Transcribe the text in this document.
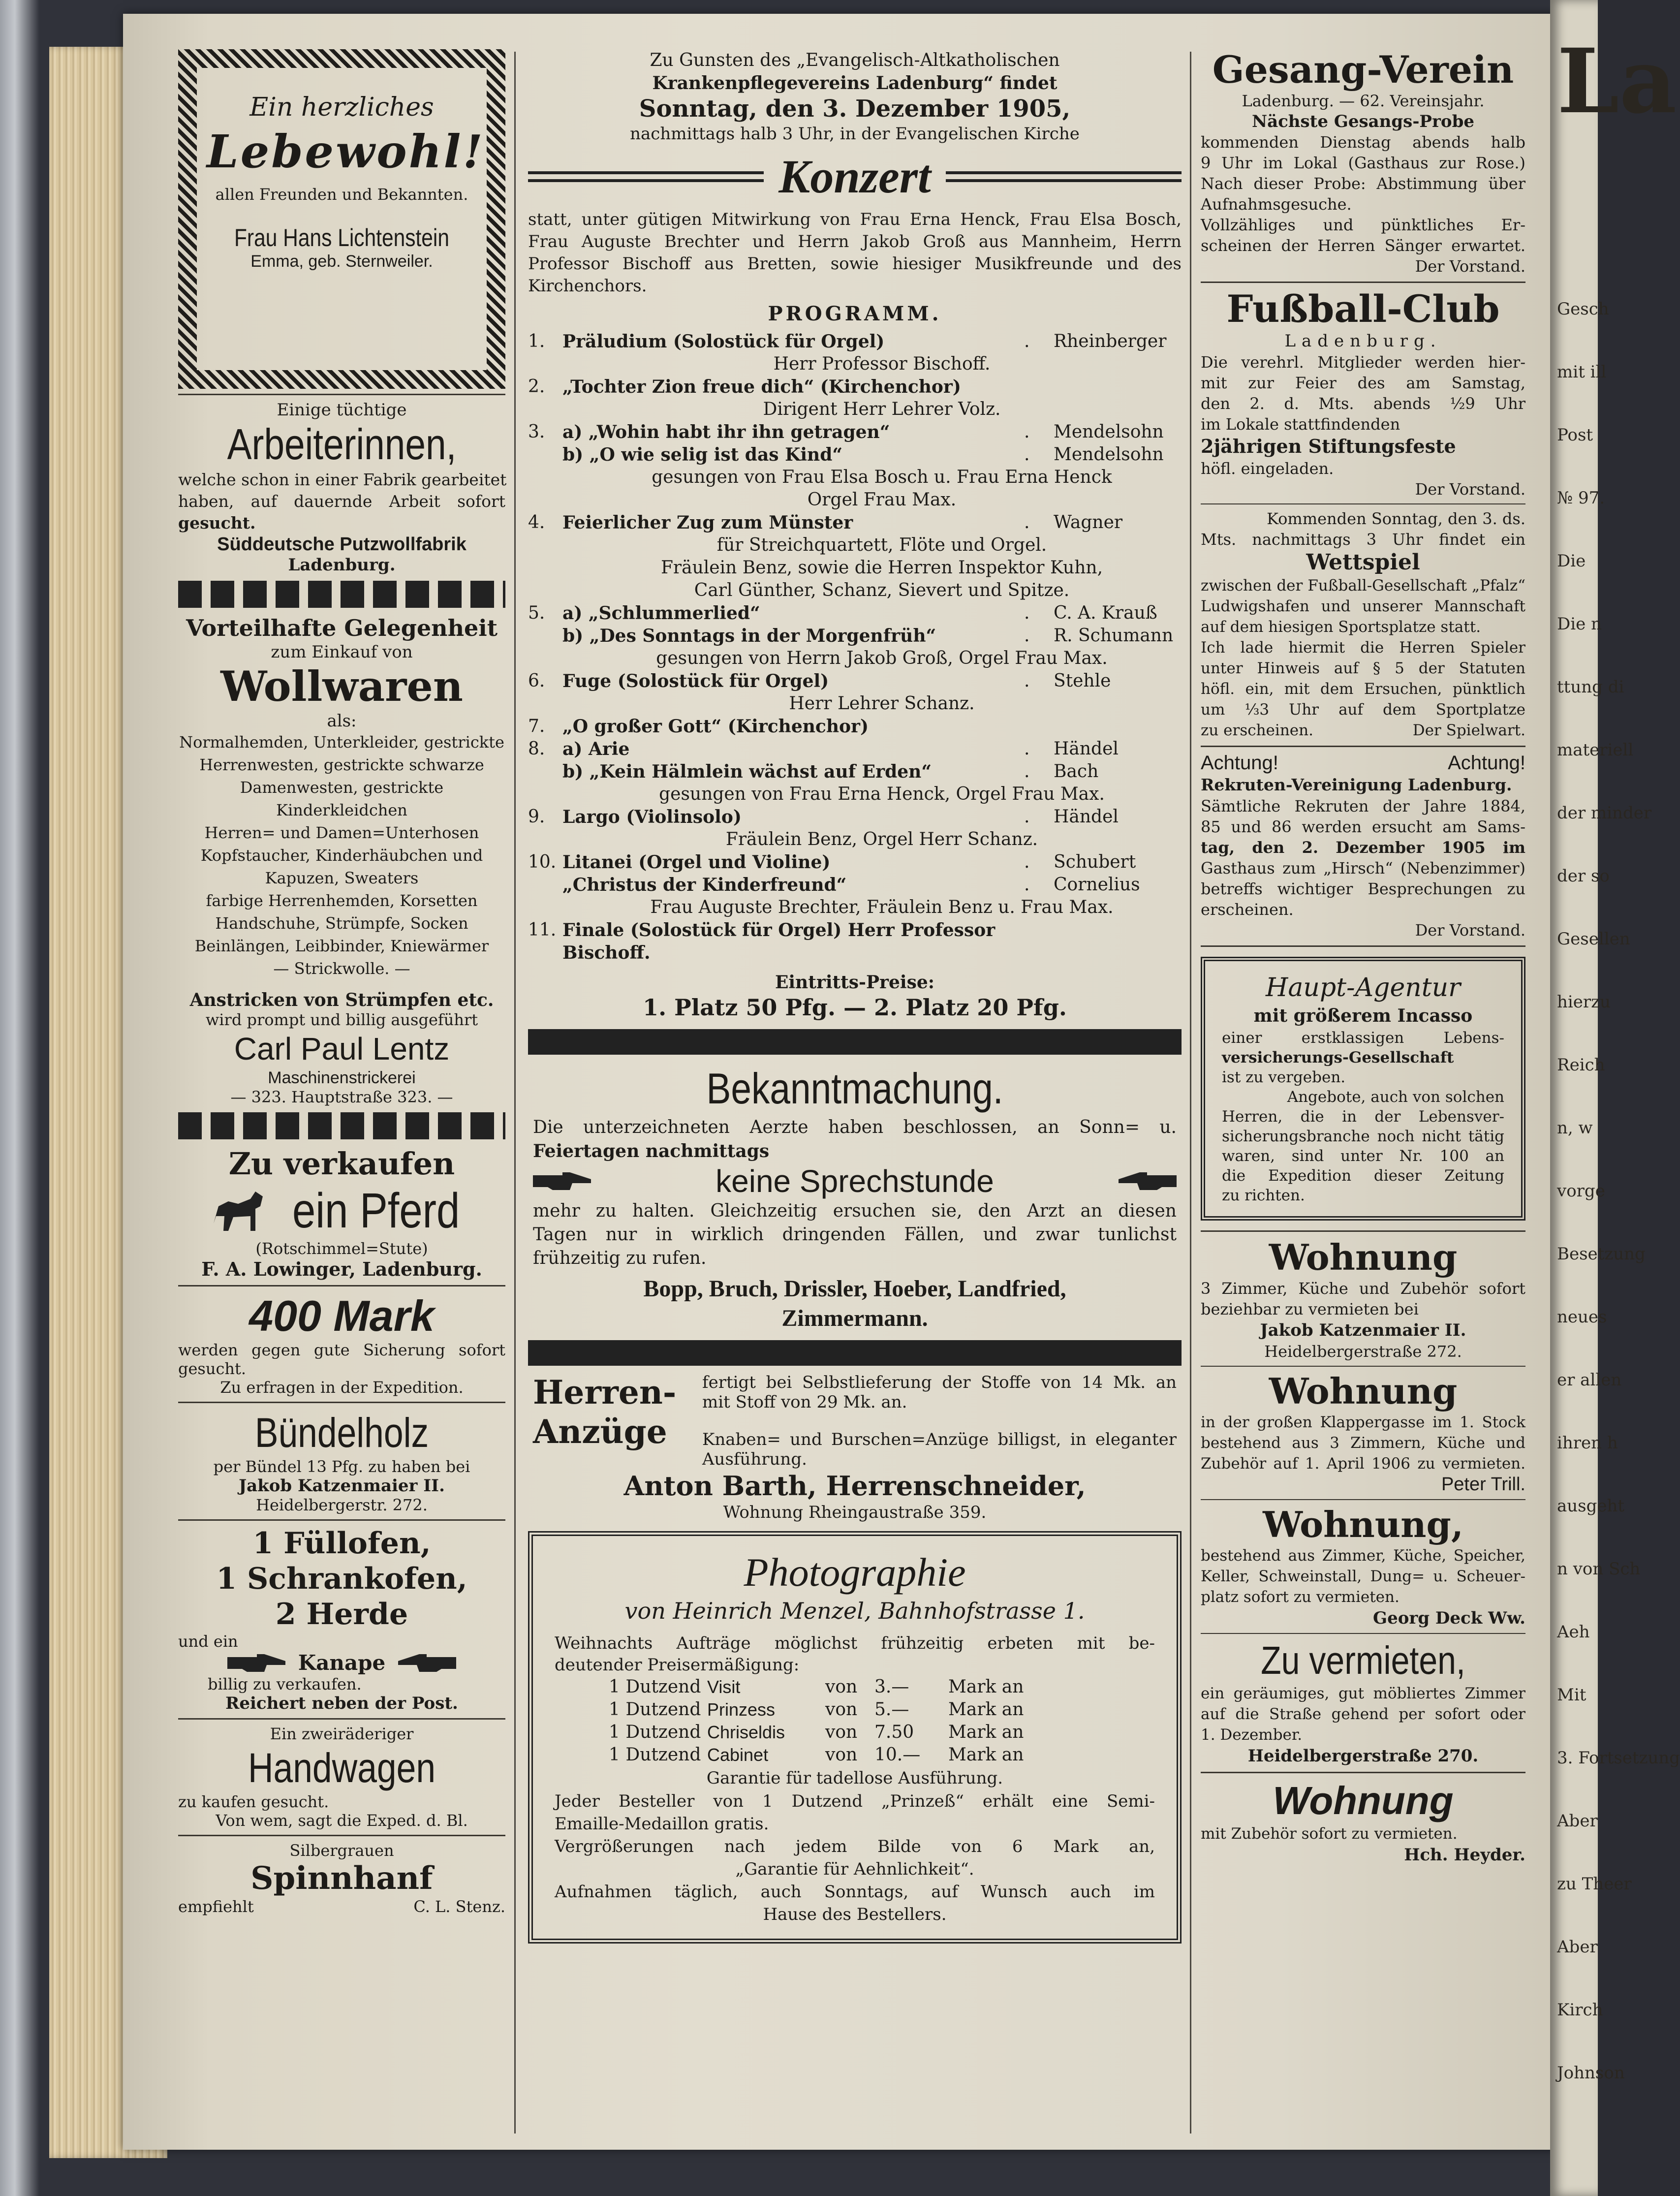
Ein herzliches
Lebewohl!
allen Freunden und Bekannten.
Frau Hans Lichtenstein
Emma, geb. Sternweiler.
Einige tüchtige
Arbeiterinnen,
welche schon in einer Fabrik gearbeitet
haben, auf dauernde Arbeit sofort
gesucht.
Süddeutsche Putzwollfabrik
Ladenburg.
Vorteilhafte Gelegenheit
zum Einkauf von
Wollwaren
als:
Normalhemden, Unterkleider, gestrickte
Herrenwesten, gestrickte schwarze
Damenwesten, gestrickte Kinderkleidchen
Herren= und Damen=Unterhosen
Kopfstaucher, Kinderhäubchen und
Kapuzen, Sweaters
farbige Herrenhemden, Korsetten
Handschuhe, Strümpfe, Socken
Beinlängen, Leibbinder, Kniewärmer
— Strickwolle. —
Anstricken von Strümpfen etc.
wird prompt und billig ausgeführt
Carl Paul Lentz
Maschinenstrickerei
— 323. Hauptstraße 323. —
Zu verkaufen
ein Pferd
(Rotschimmel=Stute)
F. A. Lowinger, Ladenburg.
400 Mark
werden gegen gute Sicherung sofort
gesucht.
Zu erfragen in der Expedition.
Bündelholz
per Bündel 13 Pfg. zu haben bei
Jakob Katzenmaier II.
Heidelbergerstr. 272.
1 Füllofen,
1 Schrankofen,
2 Herde
und ein
Kanape
billig zu verkaufen.
Reichert neben der Post.
Ein zweiräderiger
Handwagen
zu kaufen gesucht.
Von wem, sagt die Exped. d. Bl.
Silbergrauen
Spinnhanf
empfiehlt	C. L. Stenz.
Zu Gunsten des „Evangelisch-Altkatholischen
Krankenpflegevereins Ladenburg“ findet
Sonntag, den 3. Dezember 1905,
nachmittags halb 3 Uhr, in der Evangelischen Kirche
Konzert
statt, unter gütigen Mitwirkung von Frau Erna Henck, Frau Elsa Bosch,
Frau Auguste Brechter und Herrn Jakob Groß aus Mannheim, Herrn
Professor Bischoff aus Bretten, sowie hiesiger Musikfreunde und des
Kirchenchors.
PROGRAMM.
1. Präludium (Solostück für Orgel)	.	Rheinberger
Herr Professor Bischoff.
2. „Tochter Zion freue dich“ (Kirchenchor)
Dirigent Herr Lehrer Volz.
3. a) „Wohin habt ihr ihn getragen“	.	Mendelsohn
b) „O wie selig ist das Kind“	.	Mendelsohn
gesungen von Frau Elsa Bosch u. Frau Erna Henck
Orgel Frau Max.
4. Feierlicher Zug zum Münster	.	Wagner
für Streichquartett, Flöte und Orgel.
Fräulein Benz, sowie die Herren Inspektor Kuhn,
Carl Günther, Schanz, Sievert und Spitze.
5. a) „Schlummerlied“	.	C. A. Krauß
b) „Des Sonntags in der Morgenfrüh“	.	R. Schumann
gesungen von Herrn Jakob Groß, Orgel Frau Max.
6. Fuge (Solostück für Orgel)	.	Stehle
Herr Lehrer Schanz.
7. „O großer Gott“ (Kirchenchor)
8. a) Arie	.	Händel
b) „Kein Hälmlein wächst auf Erden“	.	Bach
gesungen von Frau Erna Henck, Orgel Frau Max.
9. Largo (Violinsolo)	.	Händel
Fräulein Benz, Orgel Herr Schanz.
10. Litanei (Orgel und Violine)	.	Schubert
„Christus der Kinderfreund“	.	Cornelius
Frau Auguste Brechter, Fräulein Benz u. Frau Max.
11. Finale (Solostück für Orgel) Herr Professor Bischoff.
Eintritts-Preise:
1. Platz 50 Pfg. — 2. Platz 20 Pfg.
Bekanntmachung.
Die unterzeichneten Aerzte haben beschlossen, an Sonn= u.
Feiertagen nachmittags
keine Sprechstunde
mehr zu halten. Gleichzeitig ersuchen sie, den Arzt an diesen
Tagen nur in wirklich dringenden Fällen, und zwar tunlichst
frühzeitig zu rufen.
Bopp, Bruch, Drissler, Hoeber, Landfried,
Zimmermann.
Herren-
Anzüge
fertigt bei Selbstlieferung der Stoffe von 14 Mk. an
mit Stoff von 29 Mk. an.
Knaben= und Burschen=Anzüge billigst, in eleganter
Ausführung.
Anton Barth, Herrenschneider,
Wohnung Rheingaustraße 359.
Photographie
von Heinrich Menzel, Bahnhofstrasse 1.
Weihnachts Aufträge möglichst frühzeitig erbeten mit be-
deutender Preisermäßigung:
1 Dutzend Visit	von 3.—	Mark an
1 Dutzend Prinzess	von 5.—	Mark an
1 Dutzend Chriseldis	von 7.50	Mark an
1 Dutzend Cabinet	von 10.—	Mark an
Garantie für tadellose Ausführung.
Jeder Besteller von 1 Dutzend „Prinzeß“ erhält eine Semi-
Emaille-Medaillon gratis.
Vergrößerungen nach jedem Bilde von 6 Mark an,
„Garantie für Aehnlichkeit“.
Aufnahmen täglich, auch Sonntags, auf Wunsch auch im
Hause des Bestellers.
Gesang-Verein
Ladenburg. — 62. Vereinsjahr.
Nächste Gesangs-Probe
kommenden Dienstag abends halb
9 Uhr im Lokal (Gasthaus zur Rose.)
Nach dieser Probe: Abstimmung über
Aufnahmsgesuche.
Vollzähliges und pünktliches Er-
scheinen der Herren Sänger erwartet.
Der Vorstand.
Fußball-Club
Ladenburg.
Die verehrl. Mitglieder werden hier-
mit zur Feier des am Samstag,
den 2. d. Mts. abends ½9 Uhr
im Lokale stattfindenden
2jährigen Stiftungsfeste
höfl. eingeladen.
Der Vorstand.
Kommenden Sonntag, den 3. ds.
Mts. nachmittags 3 Uhr findet ein
Wettspiel
zwischen der Fußball-Gesellschaft „Pfalz“
Ludwigshafen und unserer Mannschaft
auf dem hiesigen Sportsplatze statt.
Ich lade hiermit die Herren Spieler
unter Hinweis auf § 5 der Statuten
höfl. ein, mit dem Ersuchen, pünktlich
um ⅓3 Uhr auf dem Sportplatze
zu erscheinen.	Der Spielwart.
Achtung!	Achtung!
Rekruten-Vereinigung Ladenburg.
Sämtliche Rekruten der Jahre 1884,
85 und 86 werden ersucht am Sams-
tag, den 2. Dezember 1905 im
Gasthaus zum „Hirsch“ (Nebenzimmer)
betreffs wichtiger Besprechungen zu
erscheinen.
Der Vorstand.
Haupt-Agentur
mit größerem Incasso
einer erstklassigen Lebens-
versicherungs-Gesellschaft
ist zu vergeben.
Angebote, auch von solchen
Herren, die in der Lebensver-
sicherungsbranche noch nicht tätig
waren, sind unter Nr. 100 an
die Expedition dieser Zeitung
zu richten.
Wohnung
3 Zimmer, Küche und Zubehör sofort
beziehbar zu vermieten bei
Jakob Katzenmaier II.
Heidelbergerstraße 272.
Wohnung
in der großen Klappergasse im 1. Stock
bestehend aus 3 Zimmern, Küche und
Zubehör auf 1. April 1906 zu vermieten.
Peter Trill.
Wohnung,
bestehend aus Zimmer, Küche, Speicher,
Keller, Schweinstall, Dung= u. Scheuer-
platz sofort zu vermieten.
Georg Deck Ww.
Zu vermieten,
ein geräumiges, gut möbliertes Zimmer
auf die Straße gehend per sofort oder
1. Dezember.
Heidelbergerstraße 270.
Wohnung
mit Zubehör sofort zu vermieten.
Hch. Heyder.
La
Gesch
mit ill
Post
№ 97.
Die
Die n
ttung di
materiell
der minder
der so
Gesellen
hierzu
Reich
n, w
vorge
Besetzung
neues
er allen
ihren h
ausgeht
n von Sch
Aeh
Mit
3. Fortsetzung
Aber
zu Theer
Aber
Kirch
Johnson
